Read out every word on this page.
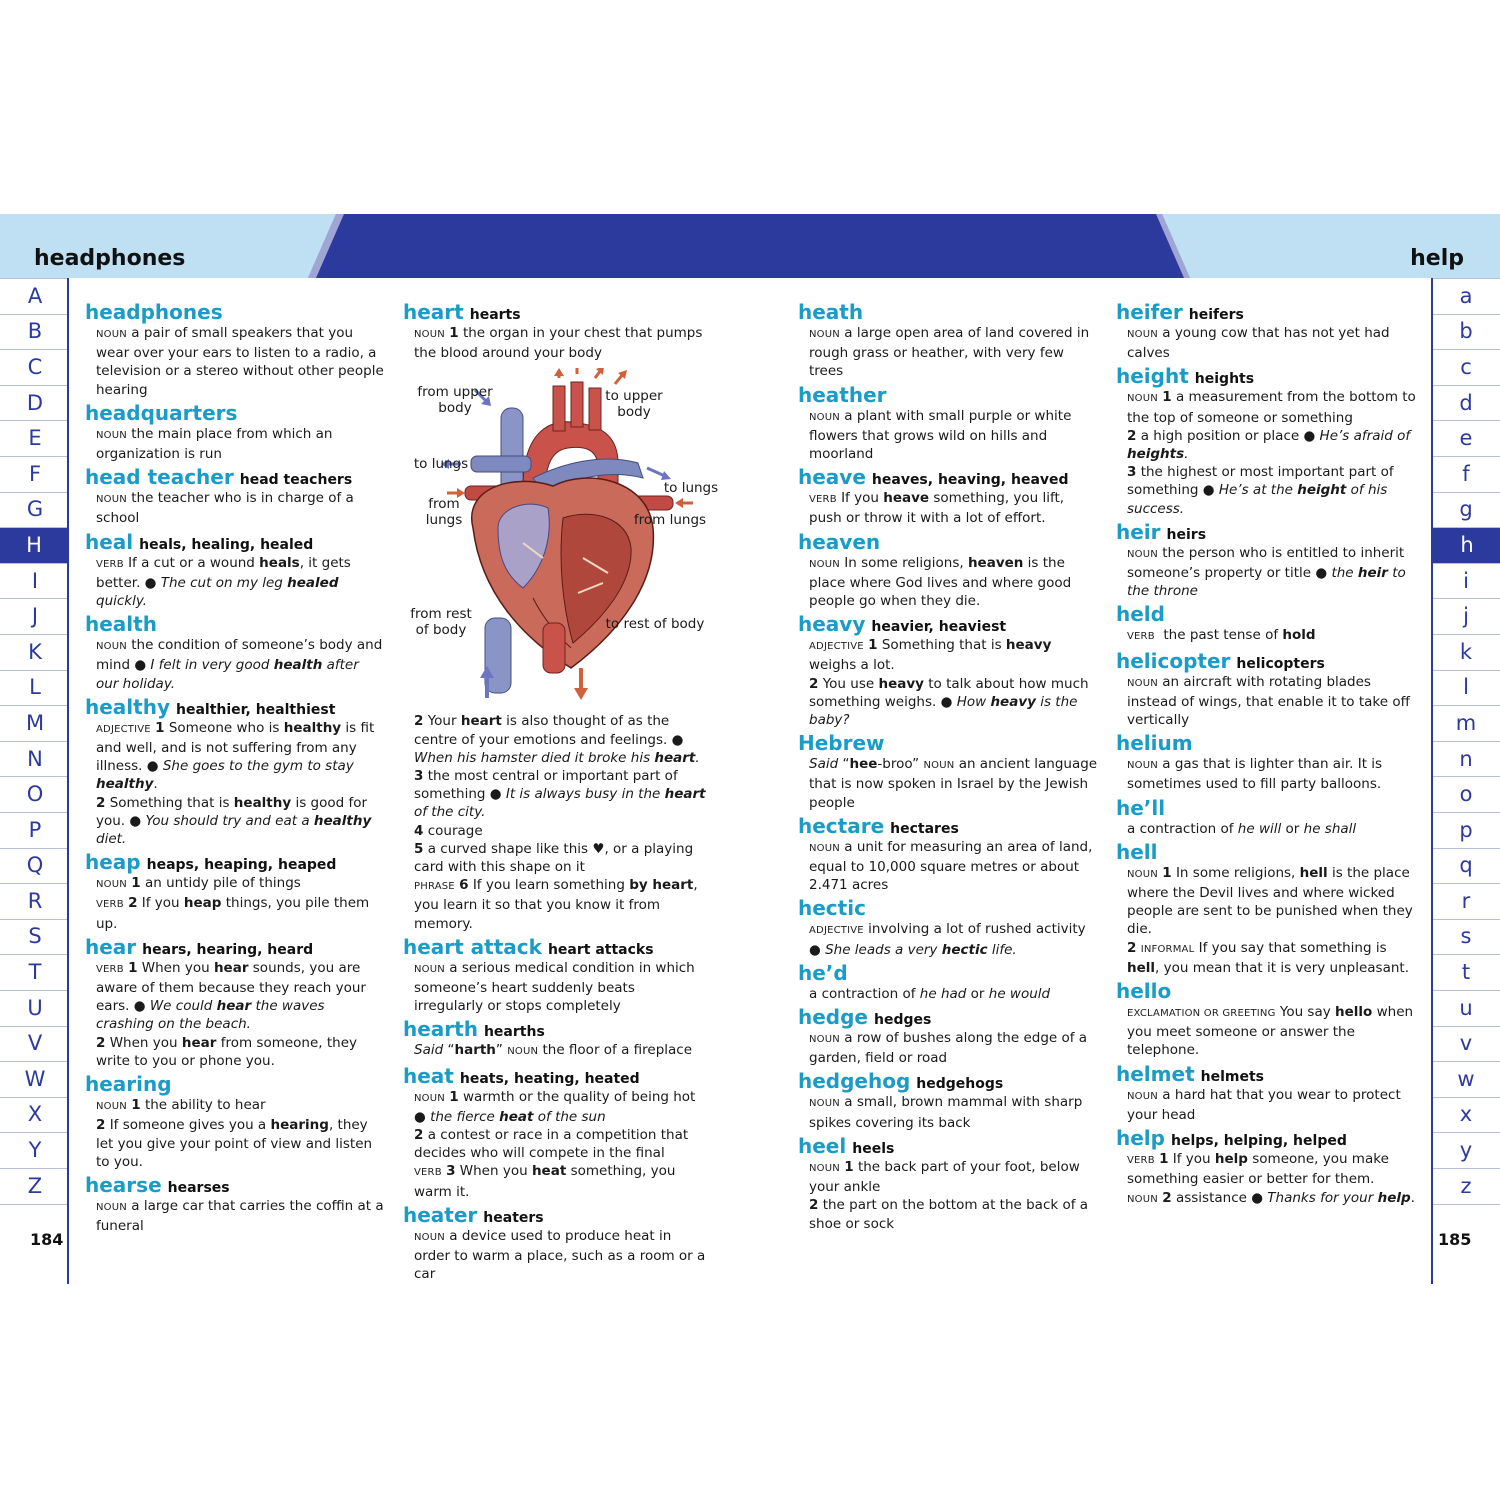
headphones	help
A
B
C
D
E
F
G
H
I
J
K
L
M
N
O
P
Q
R
S
T
U
V
W
X
Y
Z
a
b
c
d
e
f
g
h
i
j
k
l
m
n
o
p
q
r
s
t
u
v
w
x
y
z
184	185
headphones
NOUN a pair of small speakers that you wear over your ears to listen to a radio, a television or a stereo without other people hearing
headquarters
NOUN the main place from which an organization is run
head teacher head teachers
NOUN the teacher who is in charge of a school
heal heals, healing, healed
VERB If a cut or a wound heals, it gets better. ● The cut on my leg healed quickly.
health
NOUN the condition of someone’s body and mind ● I felt in very good health after our holiday.
healthy healthier, healthiest
ADJECTIVE 1 Someone who is healthy is fit and well, and is not suffering from any illness. ● She goes to the gym to stay healthy.
2 Something that is healthy is good for you. ● You should try and eat a healthy diet.
heap heaps, heaping, heaped
NOUN 1 an untidy pile of things
VERB 2 If you heap things, you pile them up.
hear hears, hearing, heard
VERB 1 When you hear sounds, you are aware of them because they reach your ears. ● We could hear the waves crashing on the beach.
2 When you hear from someone, they write to you or phone you.
hearing
NOUN 1 the ability to hear
2 If someone gives you a hearing, they let you give your point of view and listen to you.
hearse hearses
NOUN a large car that carries the coffin at a funeral
heart hearts
NOUN 1 the organ in your chest that pumps the blood around your body
from upper body
to upper body
to lungs
to lungs
from lungs	from lungs
from rest of body	to rest of body
2 Your heart is also thought of as the centre of your emotions and feelings. ● When his hamster died it broke his heart.
3 the most central or important part of something ● It is always busy in the heart of the city.
4 courage
5 a curved shape like this ♥, or a playing card with this shape on it
PHRASE 6 If you learn something by heart, you learn it so that you know it from memory.
heart attack heart attacks
NOUN a serious medical condition in which someone’s heart suddenly beats irregularly or stops completely
hearth hearths
Said “harth” NOUN the floor of a fireplace
heat heats, heating, heated
NOUN 1 warmth or the quality of being hot
● the fierce heat of the sun
2 a contest or race in a competition that decides who will compete in the final
VERB 3 When you heat something, you warm it.
heater heaters
NOUN a device used to produce heat in order to warm a place, such as a room or a car
heath
NOUN a large open area of land covered in rough grass or heather, with very few trees
heather
NOUN a plant with small purple or white flowers that grows wild on hills and moorland
heave heaves, heaving, heaved
VERB If you heave something, you lift, push or throw it with a lot of effort.
heaven
NOUN In some religions, heaven is the place where God lives and where good people go when they die.
heavy heavier, heaviest
ADJECTIVE 1 Something that is heavy weighs a lot.
2 You use heavy to talk about how much something weighs. ● How heavy is the baby?
Hebrew
Said “hee-broo” NOUN an ancient language that is now spoken in Israel by the Jewish people
hectare hectares
NOUN a unit for measuring an area of land, equal to 10,000 square metres or about 2.471 acres
hectic
ADJECTIVE involving a lot of rushed activity
● She leads a very hectic life.
he’d
a contraction of he had or he would
hedge hedges
NOUN a row of bushes along the edge of a garden, field or road
hedgehog hedgehogs
NOUN a small, brown mammal with sharp spikes covering its back
heel heels
NOUN 1 the back part of your foot, below your ankle
2 the part on the bottom at the back of a shoe or sock
heifer heifers
NOUN a young cow that has not yet had calves
height heights
NOUN 1 a measurement from the bottom to the top of someone or something
2 a high position or place ● He’s afraid of heights.
3 the highest or most important part of something ● He’s at the height of his success.
heir heirs
NOUN the person who is entitled to inherit someone’s property or title ● the heir to the throne
held
VERB the past tense of hold
helicopter helicopters
NOUN an aircraft with rotating blades instead of wings, that enable it to take off vertically
helium
NOUN a gas that is lighter than air. It is sometimes used to fill party balloons.
he’ll
a contraction of he will or he shall
hell
NOUN 1 In some religions, hell is the place where the Devil lives and where wicked people are sent to be punished when they die.
2 INFORMAL If you say that something is hell, you mean that it is very unpleasant.
hello
EXCLAMATION OR GREETING You say hello when you meet someone or answer the telephone.
helmet helmets
NOUN a hard hat that you wear to protect your head
help helps, helping, helped
VERB 1 If you help someone, you make something easier or better for them.
NOUN 2 assistance ● Thanks for your help.
